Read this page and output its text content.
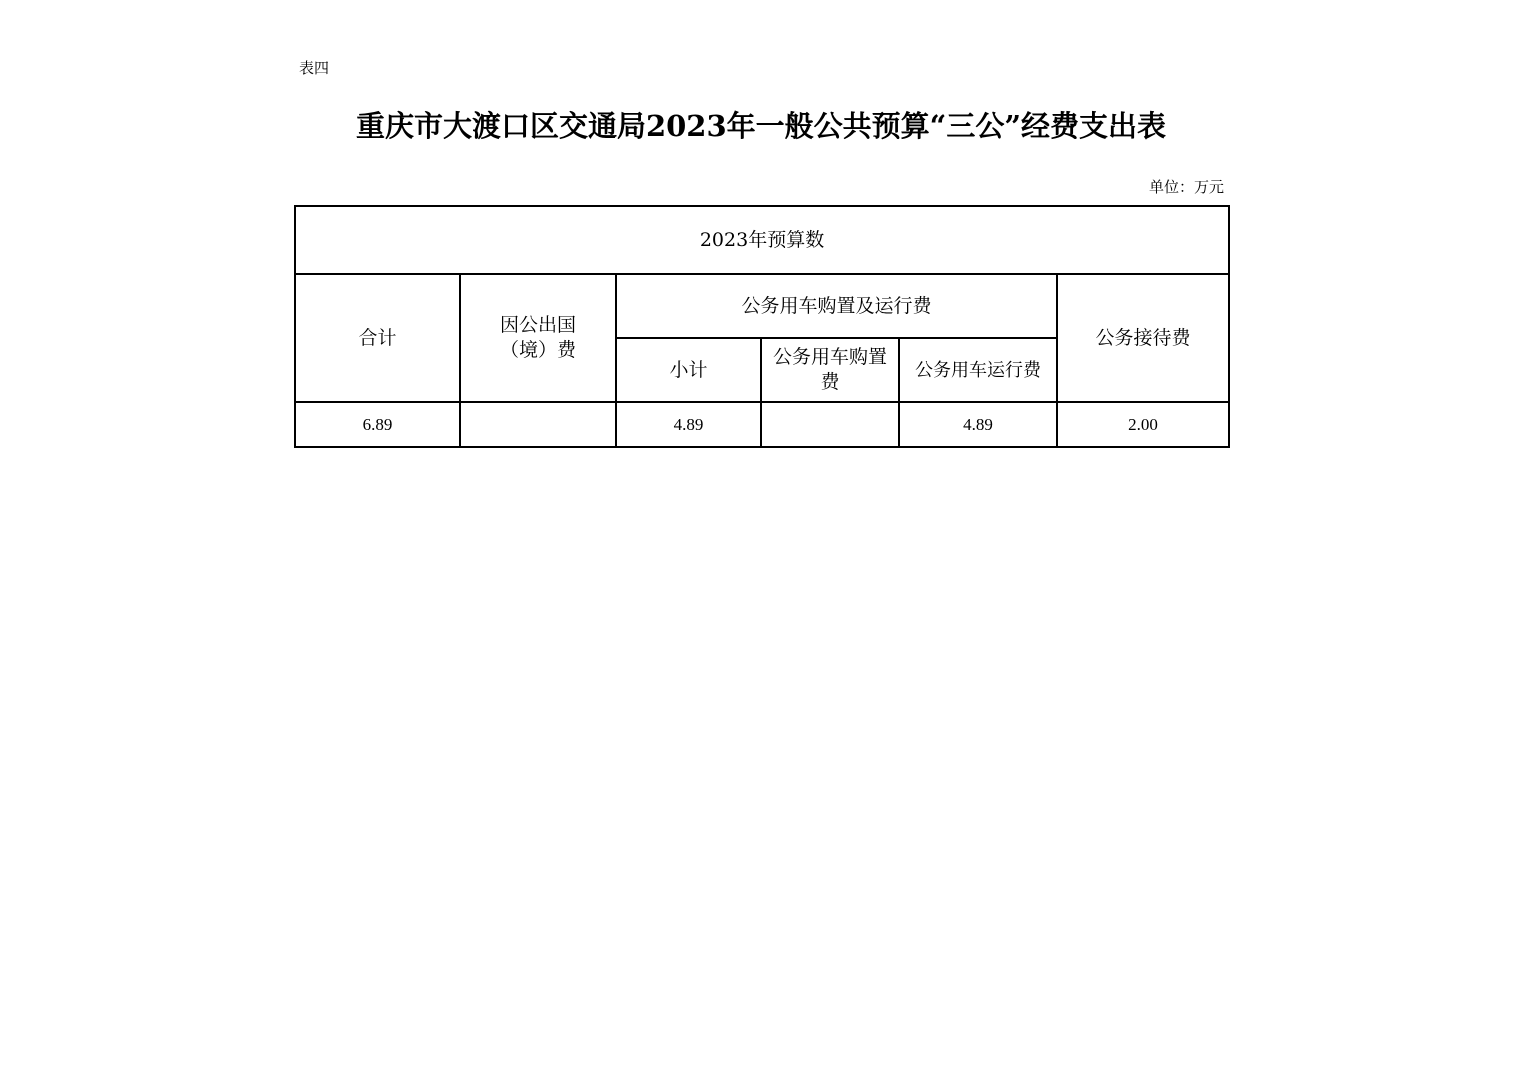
表四
重庆市大渡口区交通局2023年一般公共预算“三公”经费支出表
单位：万元
2023年预算数					
合计	因公出国（境）费	公务用车购置及运行费			公务接待费
		小计	公务用车购置费	公务用车运行费	
6.89		4.89		4.89	2.00
